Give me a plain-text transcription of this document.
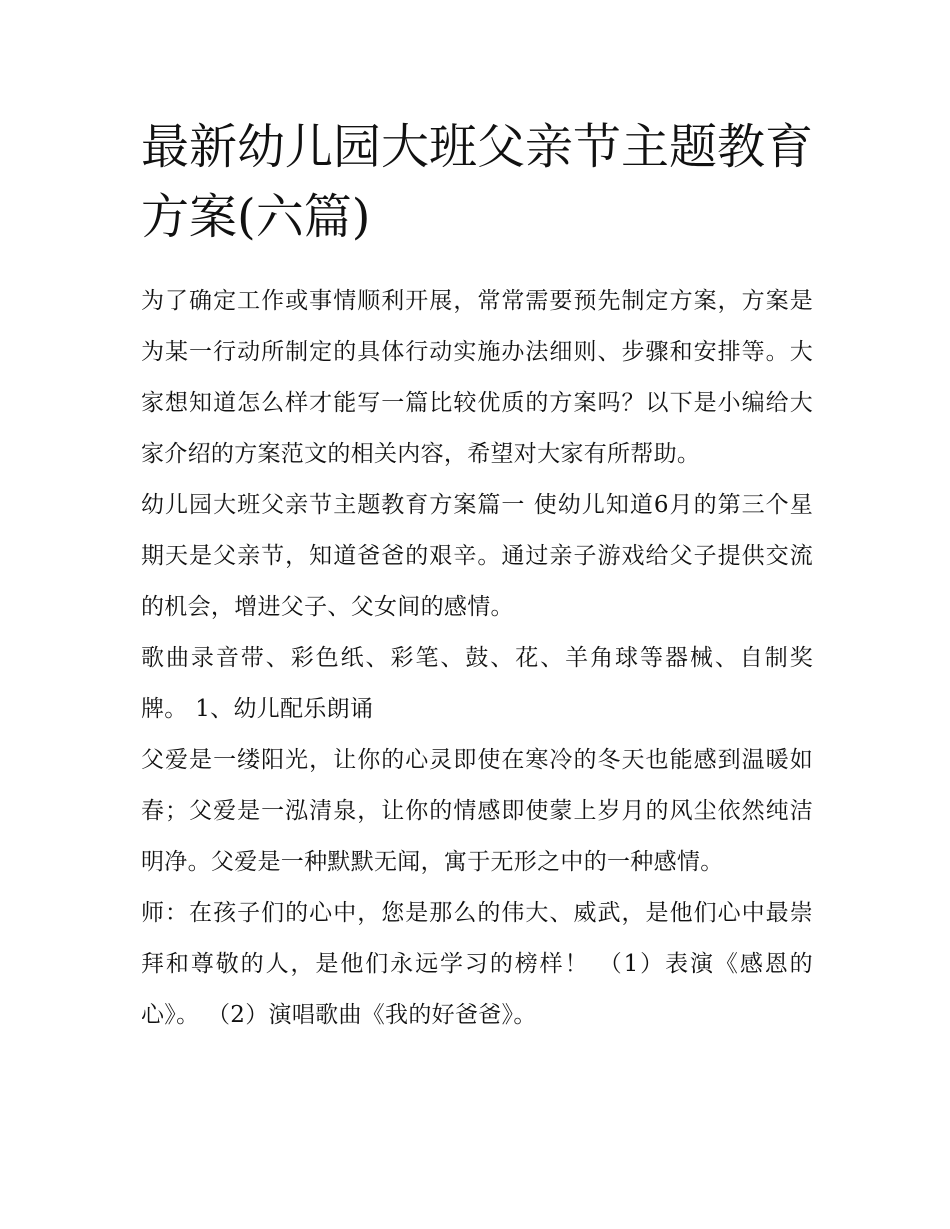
最新幼儿园大班父亲节主题教育方案(六篇)

为了确定工作或事情顺利开展，常常需要预先制定方案，方案是为某一行动所制定的具体行动实施办法细则、步骤和安排等。大家想知道怎么样才能写一篇比较优质的方案吗？以下是小编给大家介绍的方案范文的相关内容，希望对大家有所帮助。

幼儿园大班父亲节主题教育方案篇一 使幼儿知道6月的第三个星期天是父亲节，知道爸爸的艰辛。通过亲子游戏给父子提供交流的机会，增进父子、父女间的感情。

歌曲录音带、彩色纸、彩笔、鼓、花、羊角球等器械、自制奖牌。 1、幼儿配乐朗诵

父爱是一缕阳光，让你的心灵即使在寒冷的冬天也能感到温暖如春；父爱是一泓清泉，让你的情感即使蒙上岁月的风尘依然纯洁明净。父爱是一种默默无闻，寓于无形之中的一种感情。

师：在孩子们的心中，您是那么的伟大、威武，是他们心中最崇拜和尊敬的人，是他们永远学习的榜样！ （1）表演《感恩的心》。 （2）演唱歌曲《我的好爸爸》。
